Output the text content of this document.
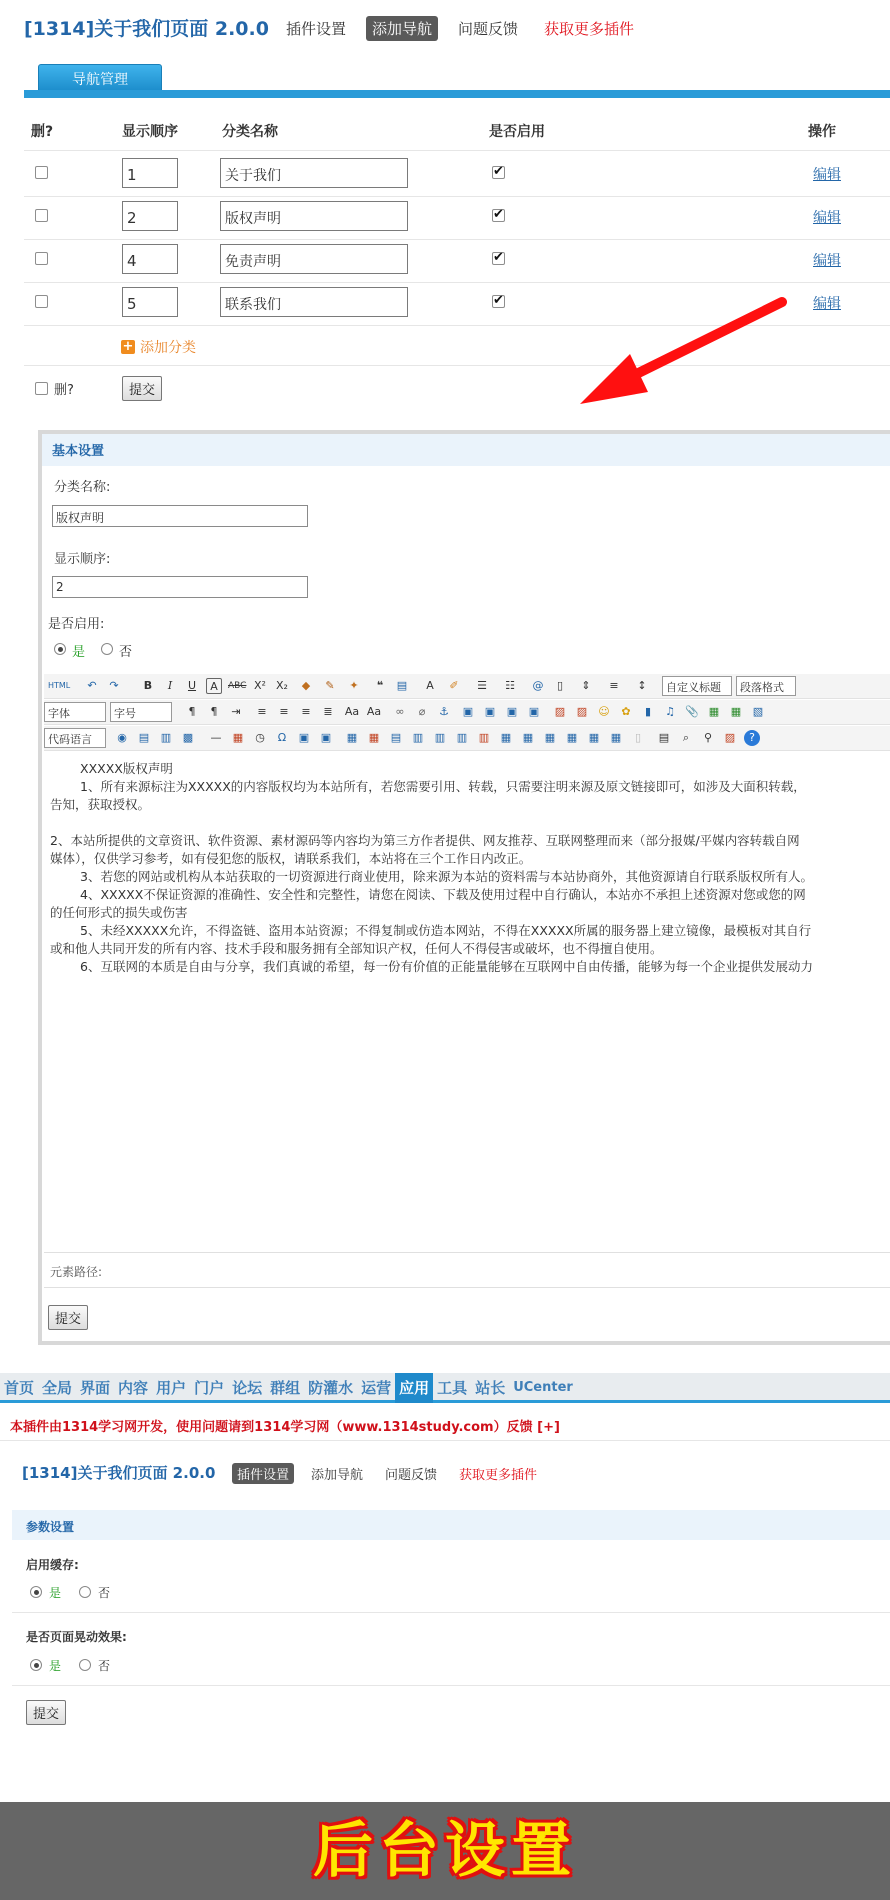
[1314]关于我们页面 2.0.0	插件设置	添加导航	问题反馈	获取更多插件
导航管理
删?	显示顺序	分类名称	是否启用	操作
1	关于我们 ✔	编辑
2	版权声明 ✔	编辑
4	免责声明 ✔	编辑
5	联系我们 ✔	编辑
+ 添加分类
删?	提交
基本设置
分类名称:
版权声明
显示顺序:
2
是否启用:
是	否
HTML	↶	↷	B	I	U	A	ABC X² X₂	◆	✎	✦	❝	▤	A	✐	☰ ☷ @	▯	⇕	≡	↕	自定义标题	段落格式
字体	字号	¶	¶	⇥	≡	≡	≡	≣	Aa Aa	∞	⌀	⚓ ▣ ▣ ▣ ▣ ▨ ▨ ☺	✿	▮	♫ 📎 ▦ ▦ ▧
代码语言	◉ ▤ ▥ ▩ — ▦ ◷	Ω	▣ ▣ ▦ ▦ ▤ ▥ ▥ ▥ ▥ ▦ ▦ ▦ ▦ ▦ ▦	▯	▤	⌕	⚲	▨	?
XXXXX版权声明
1、所有来源标注为XXXXX的内容版权均为本站所有，若您需要引用、转载，只需要注明来源及原文链接即可，如涉及大面积转载，
告知，获取授权。
2、本站所提供的文章资讯、软件资源、素材源码等内容均为第三方作者提供、网友推荐、互联网整理而来（部分报媒/平媒内容转载自网
媒体），仅供学习参考，如有侵犯您的版权，请联系我们，本站将在三个工作日内改正。
3、若您的网站或机构从本站获取的一切资源进行商业使用，除来源为本站的资料需与本站协商外，其他资源请自行联系版权所有人。
4、XXXXX不保证资源的准确性、安全性和完整性，请您在阅读、下载及使用过程中自行确认，本站亦不承担上述资源对您或您的网
的任何形式的损失或伤害
5、未经XXXXX允许，不得盗链、盗用本站资源；不得复制或仿造本网站，不得在XXXXX所属的服务器上建立镜像，最模板对其自行
或和他人共同开发的所有内容、技术手段和服务拥有全部知识产权，任何人不得侵害或破坏，也不得擅自使用。
6、互联网的本质是自由与分享，我们真诚的希望，每一份有价值的正能量能够在互联网中自由传播，能够为每一个企业提供发展动力
元素路径:
提交
首页 全局 界面 内容 用户 门户 论坛 群组 防灌水 运营 应用 工具 站长 UCenter
本插件由1314学习网开发，使用问题请到1314学习网（www.1314study.com）反馈 [+]
[1314]关于我们页面 2.0.0	插件设置	添加导航	问题反馈	获取更多插件
参数设置
启用缓存:
是	否
是否页面晃动效果:
是	否
提交
后台设置
